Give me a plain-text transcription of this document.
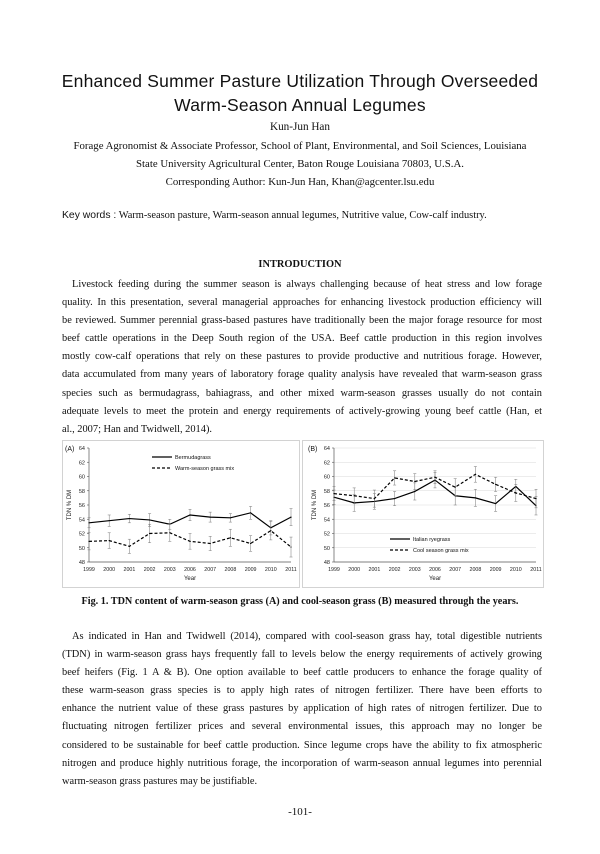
Enhanced Summer Pasture Utilization Through Overseeded
Warm-Season Annual Legumes
Kun-Jun Han
Forage Agronomist & Associate Professor, School of Plant, Environmental, and Soil Sciences, Louisiana
State University Agricultural Center, Baton Rouge Louisiana 70803, U.S.A.
Corresponding Author: Kun-Jun Han, Khan@agcenter.lsu.edu
Key words : Warm-season pasture, Warm-season annual legumes, Nutritive value, Cow-calf industry.
INTRODUCTION
Livestock feeding during the summer season is always challenging because of heat stress and low forage
quality. In this presentation, several managerial approaches for enhancing livestock production efficiency will
be reviewed. Summer perennial grass-based pastures have traditionally been the major forage resource for most
beef cattle operations in the Deep South region of the USA. Beef cattle production in this region involves
mostly cow-calf operations that rely on these pastures to provide productive and nutritious forage. However,
data accumulated from many years of laboratory forage quality analysis have revealed that warm-season grass
species such as bermudagrass, bahiagrass, and other mixed warm-season grasses usually do not contain
adequate levels to meet the protein and energy requirements of actively-growing young beef cattle (Han, et
al., 2007; Han and Twidwell, 2014).
(A)
48
50
52
54
56
58
60
62
64
1999 2000 2001 2002 2003 2006 2007 2008 2009 2010 2011
Year
TDN % DM
Bermudagrass
Warm-season grass mix
(B)
48
50
52
54
56
58
60
62
64
1999 2000 2001 2002 2003 2006 2007 2008 2009 2010 2011
Year
TDN % DM
Italian ryegrass
Cool season grass mix
Fig. 1. TDN content of warm-season grass (A) and cool-season grass (B) measured through the years.
As indicated in Han and Twidwell (2014), compared with cool-season grass hay, total digestible nutrients
(TDN) in warm-season grass hays frequently fall to levels below the energy requirements of actively growing
beef heifers (Fig. 1 A & B). One option available to beef cattle producers to enhance the forage quality of
these warm-season grass species is to apply high rates of nitrogen fertilizer. There have been efforts to
enhance the nutrient value of these grass pastures by application of high rates of nitrogen fertilizer. Due to
fluctuating nitrogen fertilizer prices and several environmental issues, this approach may no longer be
considered to be sustainable for beef cattle production. Since legume crops have the ability to fix atmospheric
nitrogen and produce highly nutritious forage, the incorporation of warm-season annual legumes into perennial
warm-season grass pastures may be justifiable.
-101-
